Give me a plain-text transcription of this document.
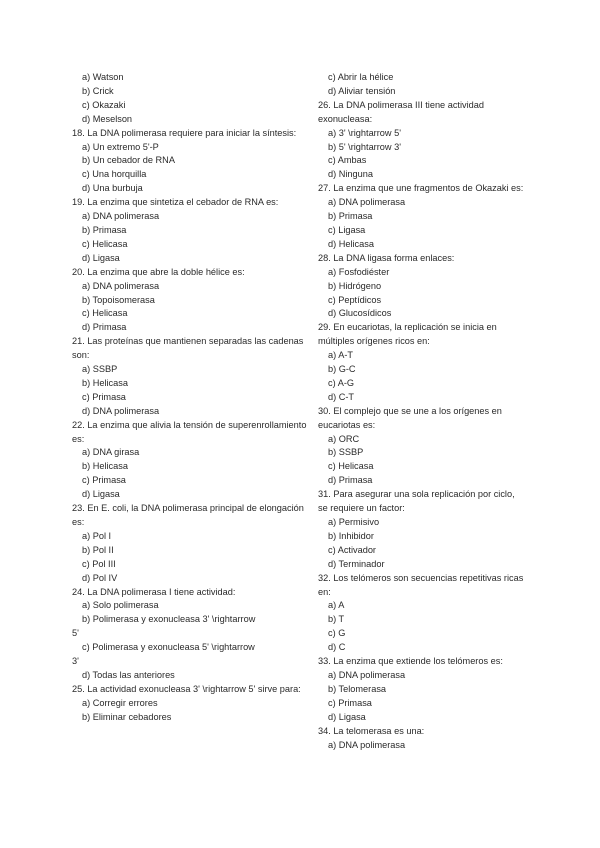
a) Watson
b) Crick
c) Okazaki
d) Meselson
18. La DNA polimerasa requiere para iniciar la síntesis:
a) Un extremo 5'-P
b) Un cebador de RNA
c) Una horquilla
d) Una burbuja
19. La enzima que sintetiza el cebador de RNA es:
a) DNA polimerasa
b) Primasa
c) Helicasa
d) Ligasa
20. La enzima que abre la doble hélice es:
a) DNA polimerasa
b) Topoisomerasa
c) Helicasa
d) Primasa
21. Las proteínas que mantienen separadas las cadenas son:
a) SSBP
b) Helicasa
c) Primasa
d) DNA polimerasa
22. La enzima que alivia la tensión de superenrollamiento es:
a) DNA girasa
b) Helicasa
c) Primasa
d) Ligasa
23. En E. coli, la DNA polimerasa principal de elongación es:
a) Pol I
b) Pol II
c) Pol III
d) Pol IV
24. La DNA polimerasa I tiene actividad:
a) Solo polimerasa
b) Polimerasa y exonucleasa 3' \rightarrow
5'
c) Polimerasa y exonucleasa 5' \rightarrow
3'
d) Todas las anteriores
25. La actividad exonucleasa 3' \rightarrow 5' sirve para:
a) Corregir errores
b) Eliminar cebadores
c) Abrir la hélice
d) Aliviar tensión
26. La DNA polimerasa III tiene actividad exonucleasa:
a) 3' \rightarrow 5'
b) 5' \rightarrow 3'
c) Ambas
d) Ninguna
27. La enzima que une fragmentos de Okazaki es:
a) DNA polimerasa
b) Primasa
c) Ligasa
d) Helicasa
28. La DNA ligasa forma enlaces:
a) Fosfodiéster
b) Hidrógeno
c) Peptídicos
d) Glucosídicos
29. En eucariotas, la replicación se inicia en múltiples orígenes ricos en:
a) A-T
b) G-C
c) A-G
d) C-T
30. El complejo que se une a los orígenes en eucariotas es:
a) ORC
b) SSBP
c) Helicasa
d) Primasa
31. Para asegurar una sola replicación por ciclo, se requiere un factor:
a) Permisivo
b) Inhibidor
c) Activador
d) Terminador
32. Los telómeros son secuencias repetitivas ricas en:
a) A
b) T
c) G
d) C
33. La enzima que extiende los telómeros es:
a) DNA polimerasa
b) Telomerasa
c) Primasa
d) Ligasa
34. La telomerasa es una:
a) DNA polimerasa
